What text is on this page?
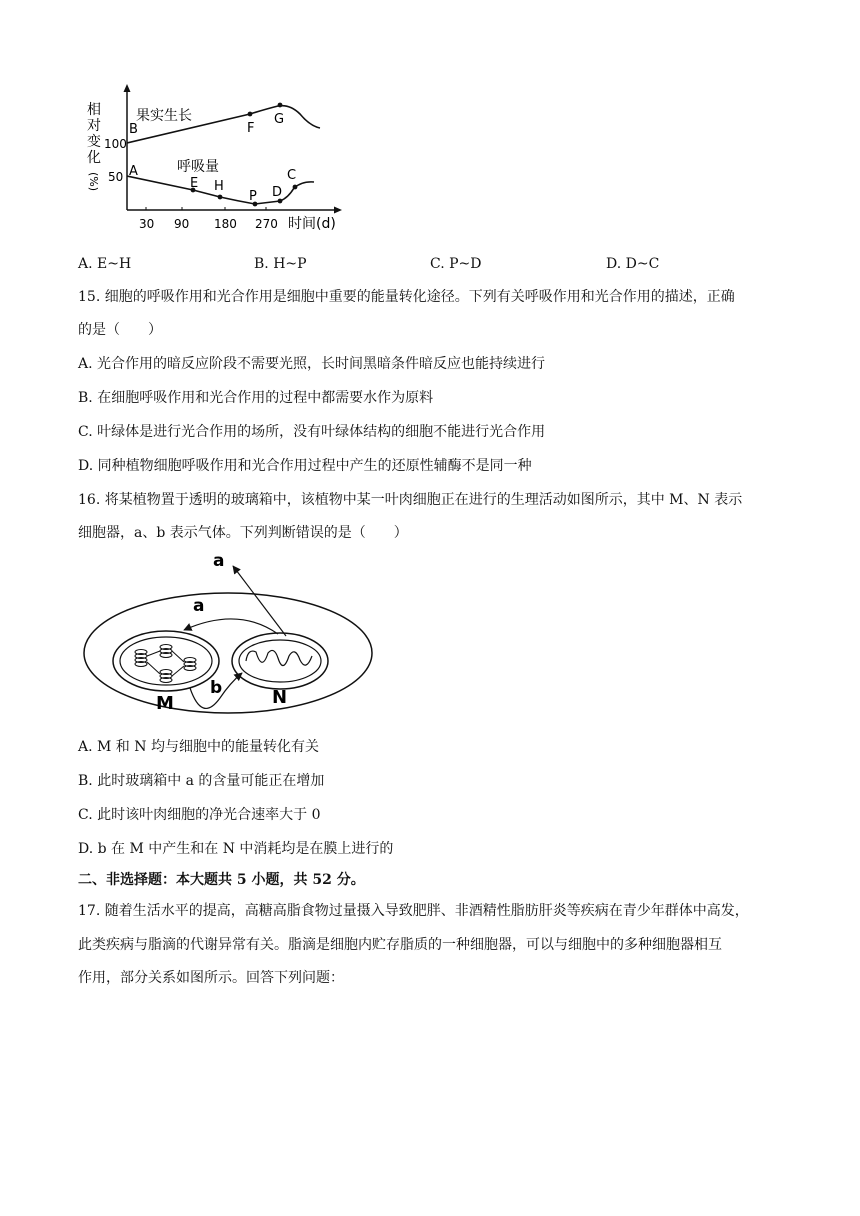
相
对
变
化
(%)
100
50
果实生长
B	F
G
呼吸量
A
E H
P D
C
30 90 180 270 时间(d)
A. E~H	B. H~P	C. P~D	D. D~C
15. 细胞的呼吸作用和光合作用是细胞中重要的能量转化途径。下列有关呼吸作用和光合作用的描述，正确
的是（　　）
A. 光合作用的暗反应阶段不需要光照，长时间黑暗条件暗反应也能持续进行
B. 在细胞呼吸作用和光合作用的过程中都需要水作为原料
C. 叶绿体是进行光合作用的场所，没有叶绿体结构的细胞不能进行光合作用
D. 同种植物细胞呼吸作用和光合作用过程中产生的还原性辅酶不是同一种
16. 将某植物置于透明的玻璃箱中，该植物中某一叶肉细胞正在进行的生理活动如图所示，其中 M、N 表示
细胞器，a、b 表示气体。下列判断错误的是（　　）
a
a
b
M	N
A. M 和 N 均与细胞中的能量转化有关
B. 此时玻璃箱中 a 的含量可能正在增加
C. 此时该叶肉细胞的净光合速率大于 0
D. b 在 M 中产生和在 N 中消耗均是在膜上进行的
二、非选择题：本大题共 5 小题，共 52 分。
17. 随着生活水平的提高，高糖高脂食物过量摄入导致肥胖、非酒精性脂肪肝炎等疾病在青少年群体中高发，
此类疾病与脂滴的代谢异常有关。脂滴是细胞内贮存脂质的一种细胞器，可以与细胞中的多种细胞器相互
作用，部分关系如图所示。回答下列问题：
